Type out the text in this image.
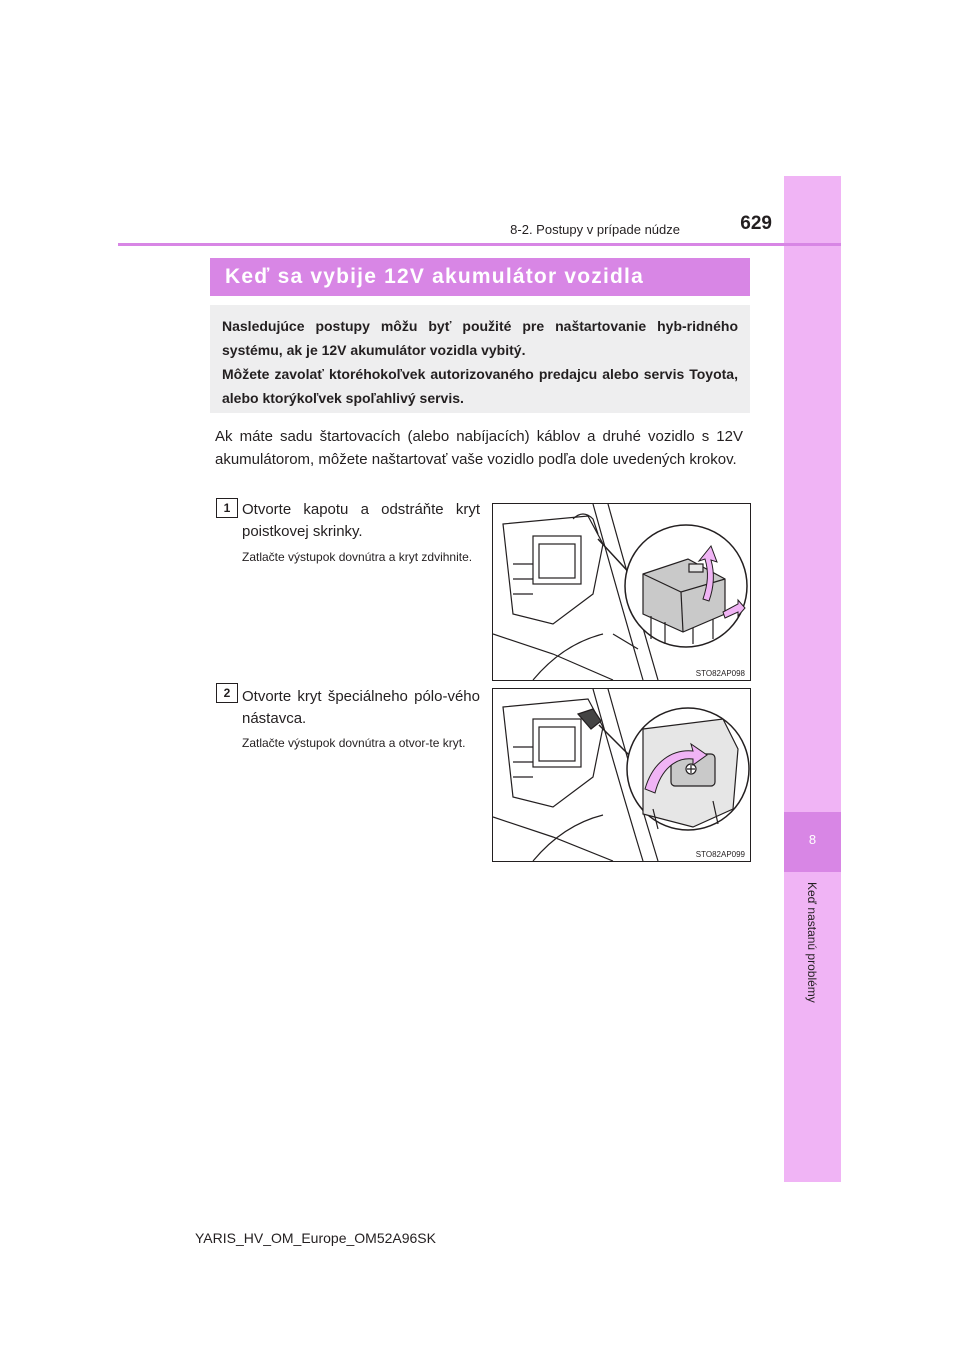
8
Keď nastanú problémy
8-2. Postupy v prípade núdze	629
Keď sa vybije 12V akumulátor vozidla

Nasledujúce postupy môžu byť použité pre naštartovanie hyb-ridného systému, ak je 12V akumulátor vozidla vybitý.

Môžete zavolať ktoréhokoľvek autorizovaného predajcu alebo servis Toyota, alebo ktorýkoľvek spoľahlivý servis.

Ak máte sadu štartovacích (alebo nabíjacích) káblov a druhé vozidlo s 12V akumulátorom, môžete naštartovať vaše vozidlo podľa dole uvedených krokov.

1 Otvorte kapotu a odstráňte kryt poistkovej skrinky.
Zatlačte výstupok dovnútra a kryt zdvihnite.
STO82AP098
2 Otvorte kryt špeciálneho pólo-vého nástavca.
Zatlačte výstupok dovnútra a otvor-te kryt.
STO82AP099
YARIS_HV_OM_Europe_OM52A96SK
